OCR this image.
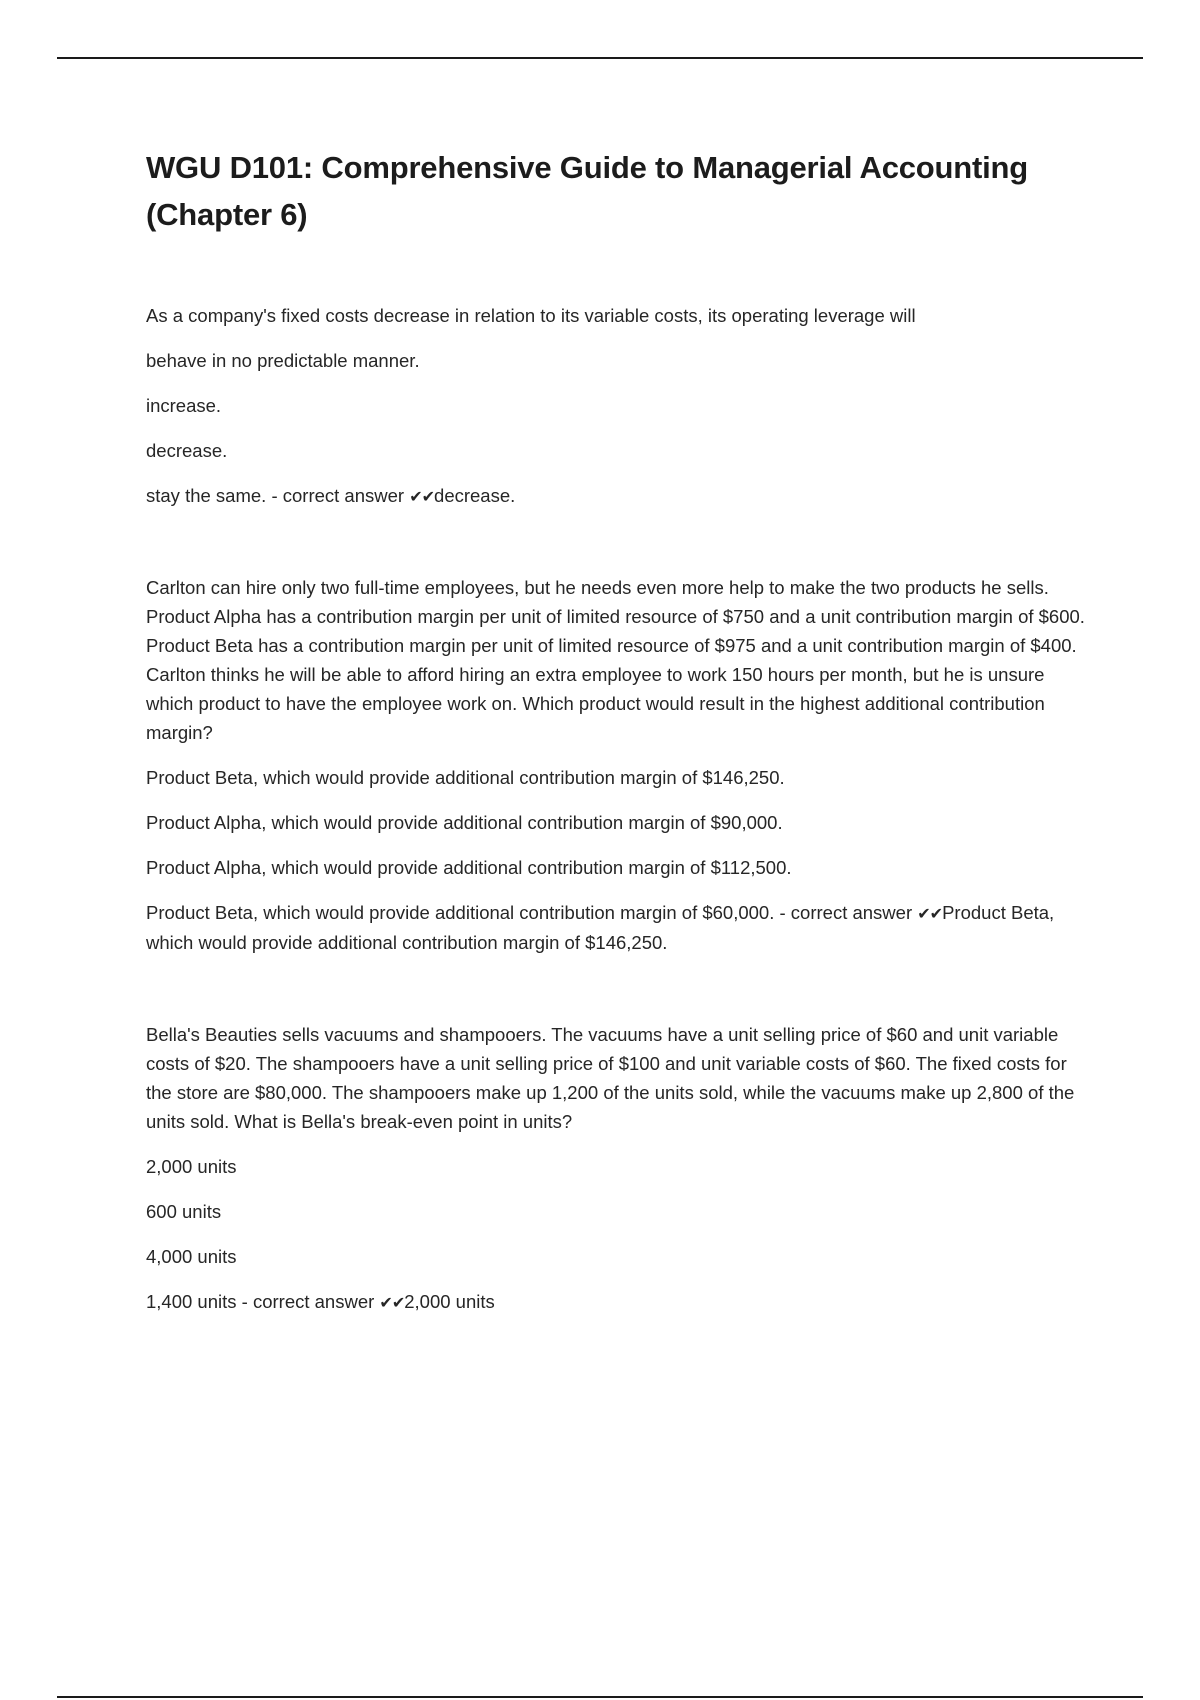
WGU D101: Comprehensive Guide to Managerial Accounting (Chapter 6)

As a company's fixed costs decrease in relation to its variable costs, its operating leverage will

behave in no predictable manner.

increase.

decrease.

stay the same. - correct answer ✔✔decrease.

Carlton can hire only two full-time employees, but he needs even more help to make the two products he sells. Product Alpha has a contribution margin per unit of limited resource of $750 and a unit contribution margin of $600. Product Beta has a contribution margin per unit of limited resource of $975 and a unit contribution margin of $400. Carlton thinks he will be able to afford hiring an extra employee to work 150 hours per month, but he is unsure which product to have the employee work on. Which product would result in the highest additional contribution margin?

Product Beta, which would provide additional contribution margin of $146,250.

Product Alpha, which would provide additional contribution margin of $90,000.

Product Alpha, which would provide additional contribution margin of $112,500.

Product Beta, which would provide additional contribution margin of $60,000. - correct answer ✔✔Product Beta, which would provide additional contribution margin of $146,250.

Bella's Beauties sells vacuums and shampooers. The vacuums have a unit selling price of $60 and unit variable costs of $20. The shampooers have a unit selling price of $100 and unit variable costs of $60. The fixed costs for the store are $80,000. The shampooers make up 1,200 of the units sold, while the vacuums make up 2,800 of the units sold. What is Bella's break-even point in units?

2,000 units

600 units

4,000 units

1,400 units - correct answer ✔✔2,000 units
